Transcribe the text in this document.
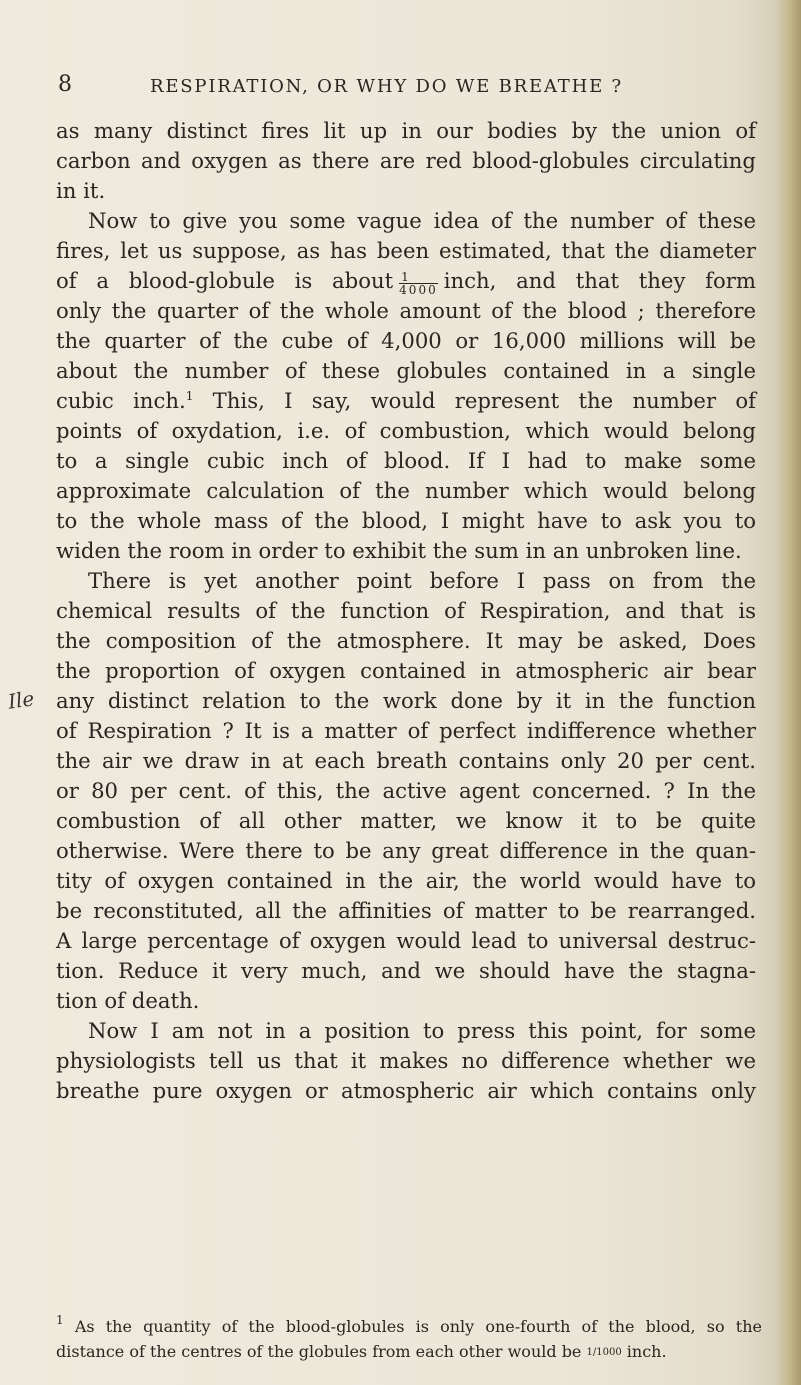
8	RESPIRATION, OR WHY DO WE BREATHE ?
Ile
as many distinct fires lit up in our bodies by the union of
carbon and oxygen as there are red blood-globules circulating
in it.
Now to give you some vague idea of the number of these
fires, let us suppose, as has been estimated, that the diameter
of a blood-globule is about $\frac{1}{4000}$ inch, and that they form
only the quarter of the whole amount of the blood ; therefore
the quarter of the cube of 4,000 or 16,000 millions will be
about the number of these globules contained in a single
cubic inch.$^1$ This, I say, would represent the number of
points of oxydation, i.e. of combustion, which would belong
to a single cubic inch of blood. If I had to make some
approximate calculation of the number which would belong
to the whole mass of the blood, I might have to ask you to
widen the room in order to exhibit the sum in an unbroken line.
There is yet another point before I pass on from the
chemical results of the function of Respiration, and that is
the composition of the atmosphere. It may be asked, Does
the proportion of oxygen contained in atmospheric air bear
any distinct relation to the work done by it in the function
of Respiration ? It is a matter of perfect indifference whether
the air we draw in at each breath contains only 20 per cent.
or 80 per cent. of this, the active agent concerned. ? In the
combustion of all other matter, we know it to be quite
otherwise. Were there to be any great difference in the quan-
tity of oxygen contained in the air, the world would have to
be reconstituted, all the affinities of matter to be rearranged.
A large percentage of oxygen would lead to universal destruc-
tion. Reduce it very much, and we should have the stagna-
tion of death.
Now I am not in a position to press this point, for some
physiologists tell us that it makes no difference whether we
breathe pure oxygen or atmospheric air which contains only
$^1$ As the quantity of the blood-globules is only one-fourth of the blood, so the
distance of the centres of the globules from each other would be 1/1000 inch.
